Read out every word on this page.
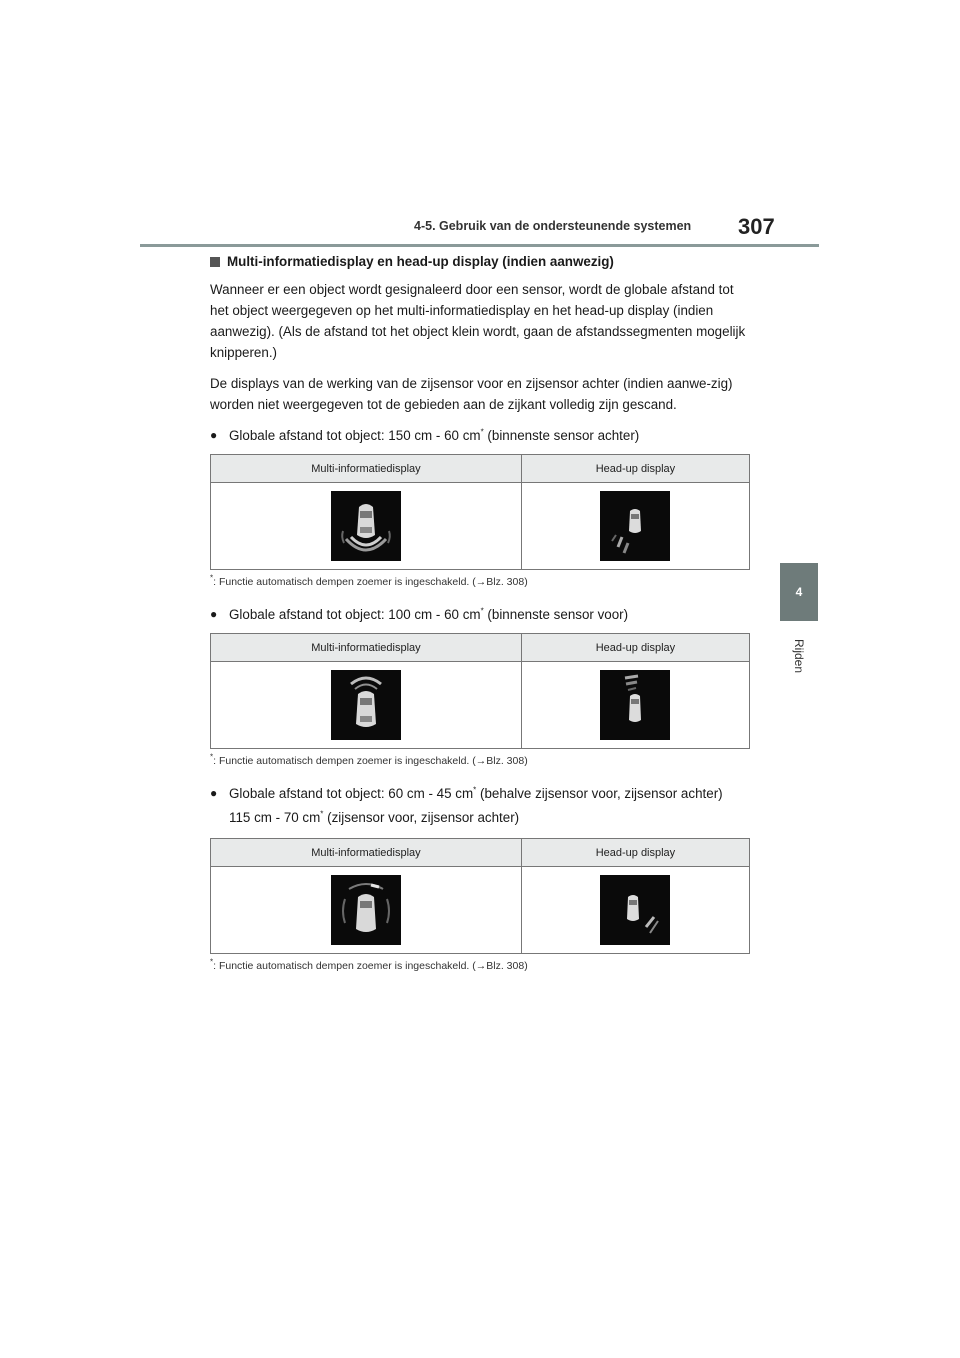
4-5. Gebruik van de ondersteunende systemen 307
4
Rijden
Multi-informatiedisplay en head-up display (indien aanwezig)

Wanneer er een object wordt gesignaleerd door een sensor, wordt de globale afstand tot het object weergegeven op het multi-informatiedisplay en het head-up display (indien aanwezig). (Als de afstand tot het object klein wordt, gaan de afstandssegmenten mogelijk knipperen.)

De displays van de werking van de zijsensor voor en zijsensor achter (indien aanwe-zig) worden niet weergegeven tot de gebieden aan de zijkant volledig zijn gescand.

● Globale afstand tot object: 150 cm - 60 cm* (binnenste sensor achter)
Multi-informatiedisplay	Head-up display

*: Functie automatisch dempen zoemer is ingeschakeld. (→Blz. 308)

● Globale afstand tot object: 100 cm - 60 cm* (binnenste sensor voor)
Multi-informatiedisplay	Head-up display

*: Functie automatisch dempen zoemer is ingeschakeld. (→Blz. 308)

● Globale afstand tot object: 60 cm - 45 cm* (behalve zijsensor voor, zijsensor achter)
115 cm - 70 cm* (zijsensor voor, zijsensor achter)
Multi-informatiedisplay	Head-up display

*: Functie automatisch dempen zoemer is ingeschakeld. (→Blz. 308)
